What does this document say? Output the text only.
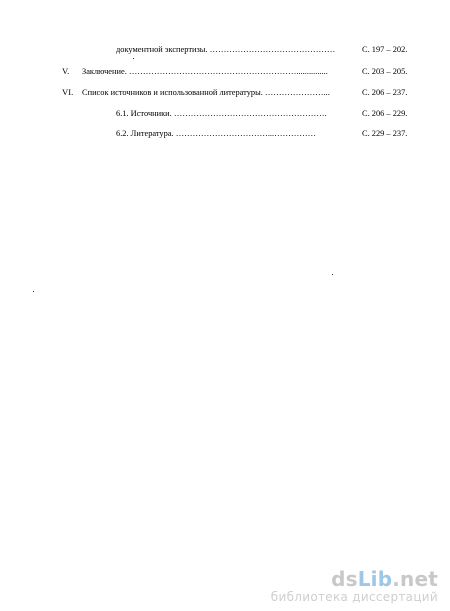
документной экспертизы. ………………………………………	С. 197 – 202.
V. Заключение. ……………………………………………………...............	С. 203 – 205.
VI. Список источников и использованной литературы. …………………...	С. 206 – 237.
6.1. Источники. ……………………………………………….	С. 206 – 229.
6.2. Литература. ……………………………...……………	С. 229 – 237.
dsLib.net
библиотека диссертаций
